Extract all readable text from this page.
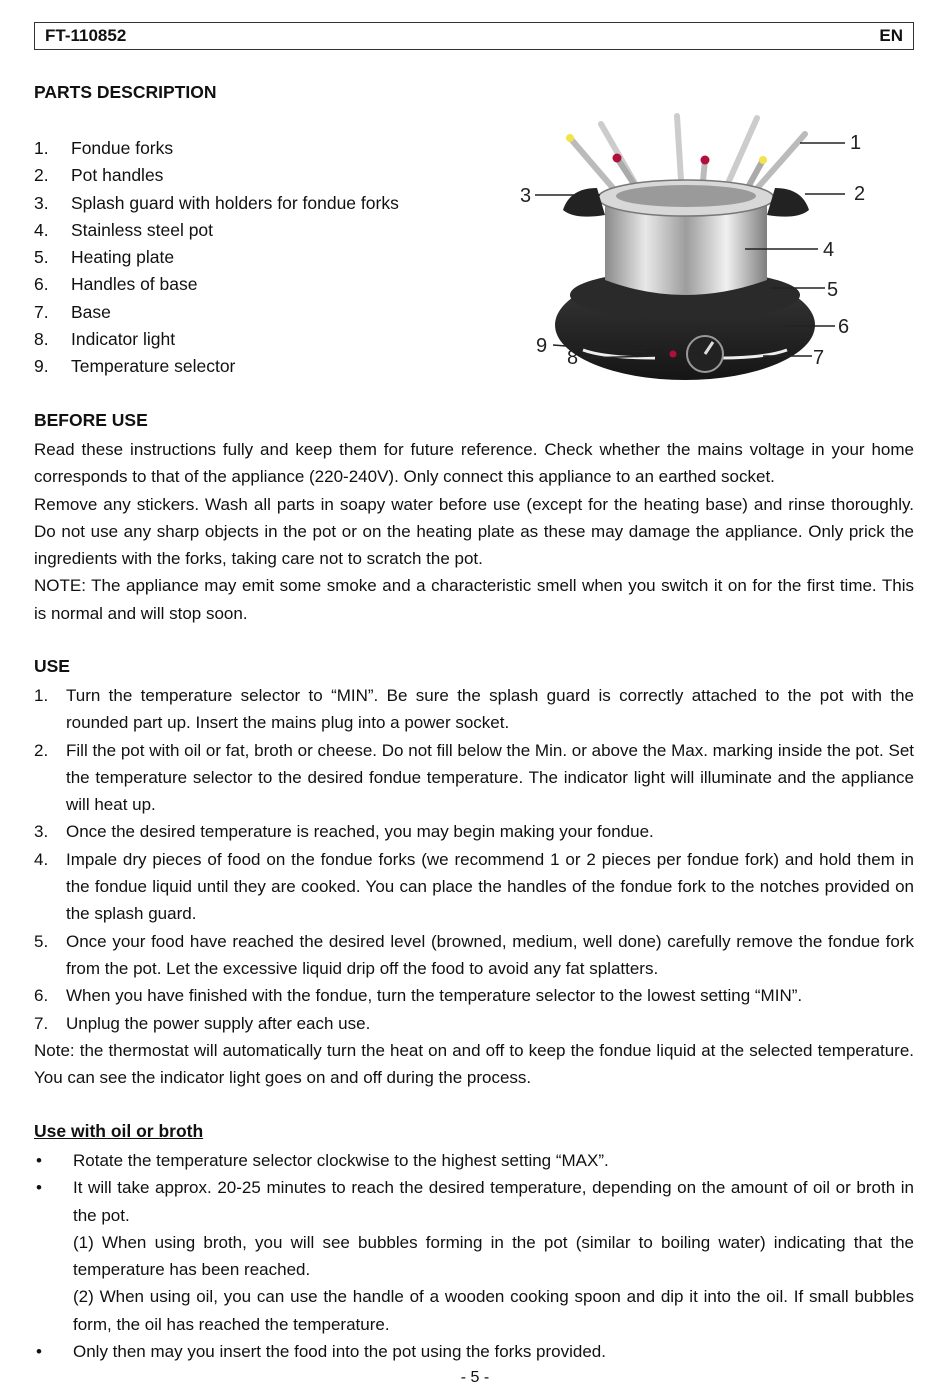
FT-110852	EN
PARTS DESCRIPTION
1.	Fondue forks
2.	Pot handles
3.	Splash guard with holders for fondue forks
4.	Stainless steel pot
5.	Heating plate
6.	Handles of base
7.	Base
8.	Indicator light
9.	Temperature selector
1
2
3
4
5
6
7
8
9
BEFORE USE

Read these instructions fully and keep them for future reference. Check whether the mains voltage in your home corresponds to that of the appliance (220-240V). Only connect this appliance to an earthed socket.

Remove any stickers. Wash all parts in soapy water before use (except for the heating base) and rinse thoroughly. Do not use any sharp objects in the pot or on the heating plate as these may damage the appliance. Only prick the ingredients with the forks, taking care not to scratch the pot.

NOTE: The appliance may emit some smoke and a characteristic smell when you switch it on for the first time. This is normal and will stop soon.

USE
1.	Turn the temperature selector to “MIN”. Be sure the splash guard is correctly attached to the pot with the rounded part up. Insert the mains plug into a power socket.
2.	Fill the pot with oil or fat, broth or cheese. Do not fill below the Min. or above the Max. marking inside the pot. Set the temperature selector to the desired fondue temperature. The indicator light will illuminate and the appliance will heat up.
3.	Once the desired temperature is reached, you may begin making your fondue.
4.	Impale dry pieces of food on the fondue forks (we recommend 1 or 2 pieces per fondue fork) and hold them in the fondue liquid until they are cooked. You can place the handles of the fondue fork to the notches provided on the splash guard.
5.	Once your food have reached the desired level (browned, medium, well done) carefully remove the fondue fork from the pot. Let the excessive liquid drip off the food to avoid any fat splatters.
6.	When you have finished with the fondue, turn the temperature selector to the lowest setting “MIN”.
7.	Unplug the power supply after each use.
Note: the thermostat will automatically turn the heat on and off to keep the fondue liquid at the selected temperature. You can see the indicator light goes on and off during the process.
Use with oil or broth
•	Rotate the temperature selector clockwise to the highest setting “MAX”.
•	It will take approx. 20-25 minutes to reach the desired temperature, depending on the amount of oil or broth in the pot.

(1) When using broth, you will see bubbles forming in the pot (similar to boiling water) indicating that the temperature has been reached.

(2) When using oil, you can use the handle of a wooden cooking spoon and dip it into the oil. If small bubbles form, the oil has reached the temperature.

•	Only then may you insert the food into the pot using the forks provided.
- 5 -
